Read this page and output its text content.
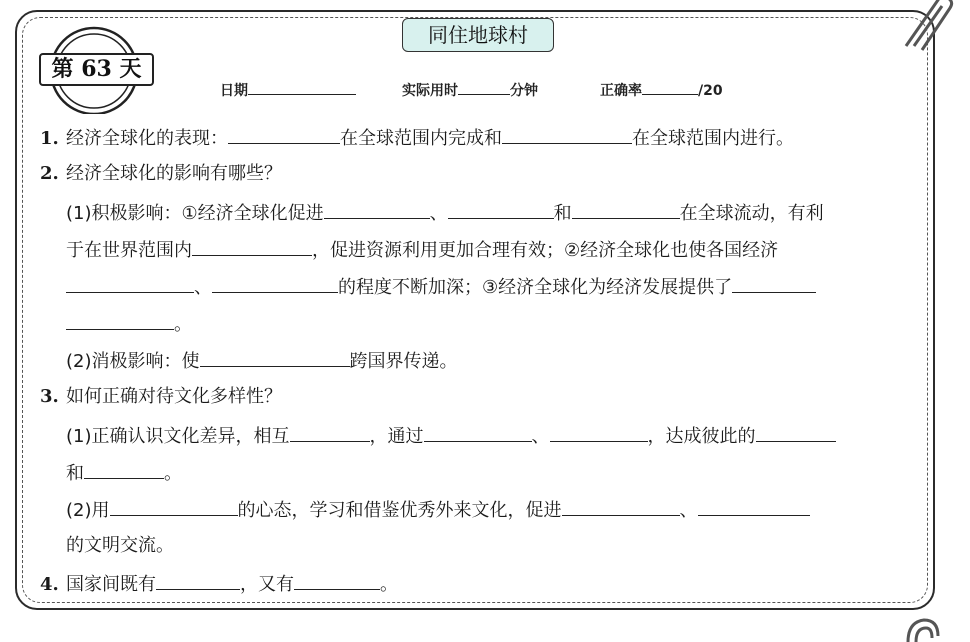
同住地球村
第 63 天
日期	实际用时	分钟	正确率	/20
1. 经济全球化的表现：	在全球范围内完成和	在全球范围内进行。
2. 经济全球化的影响有哪些？
(1)积极影响：①经济全球化促进	、	和	在全球流动，有利
于在世界范围内	，促进资源利用更加合理有效；②经济全球化也使各国经济
、	的程度不断加深；③经济全球化为经济发展提供了
。
(2)消极影响：使	跨国界传递。
3. 如何正确对待文化多样性？
(1)正确认识文化差异，相互	，通过	、	，达成彼此的
和	。
(2)用	的心态，学习和借鉴优秀外来文化，促进	、
的文明交流。
4. 国家间既有	，又有	。
